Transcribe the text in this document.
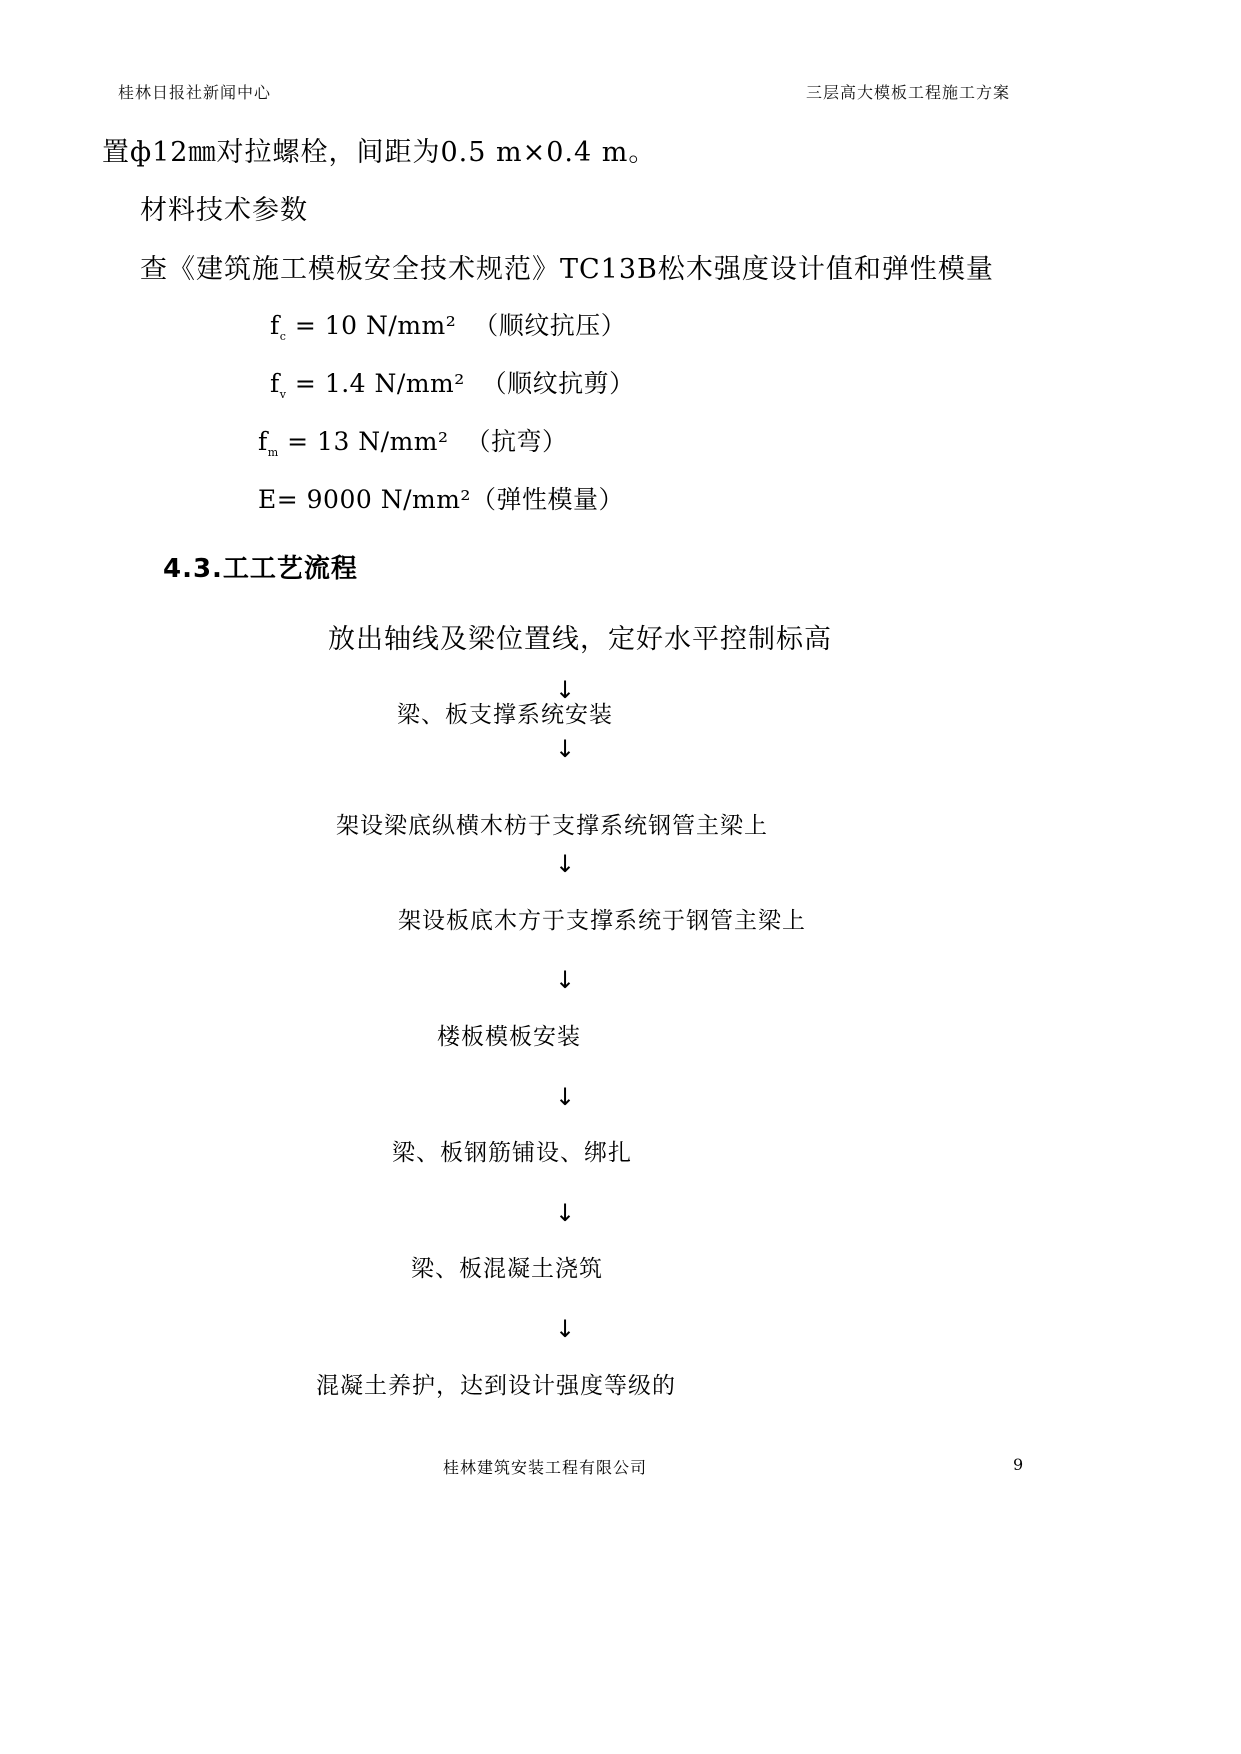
桂林日报社新闻中心	三层高大模板工程施工方案
置ф12㎜对拉螺栓，间距为0.5 m×0.4 m。
材料技术参数
查《建筑施工模板安全技术规范》TC13B松木强度设计值和弹性模量
$f_c = 10$ N/mm² （顺纹抗压）
$f_v = 1.4$ N/mm² （顺纹抗剪）
$f_m = 13$ N/mm² （抗弯）
E= 9000 N/mm²（弹性模量）
4.3.工工艺流程
放出轴线及梁位置线，定好水平控制标高
↓
梁、板支撑系统安装
↓
架设梁底纵横木枋于支撑系统钢管主梁上
↓
架设板底木方于支撑系统于钢管主梁上
↓
楼板模板安装
↓
梁、板钢筋铺设、绑扎
↓
梁、板混凝土浇筑
↓
混凝土养护，达到设计强度等级的
桂林建筑安装工程有限公司	9
